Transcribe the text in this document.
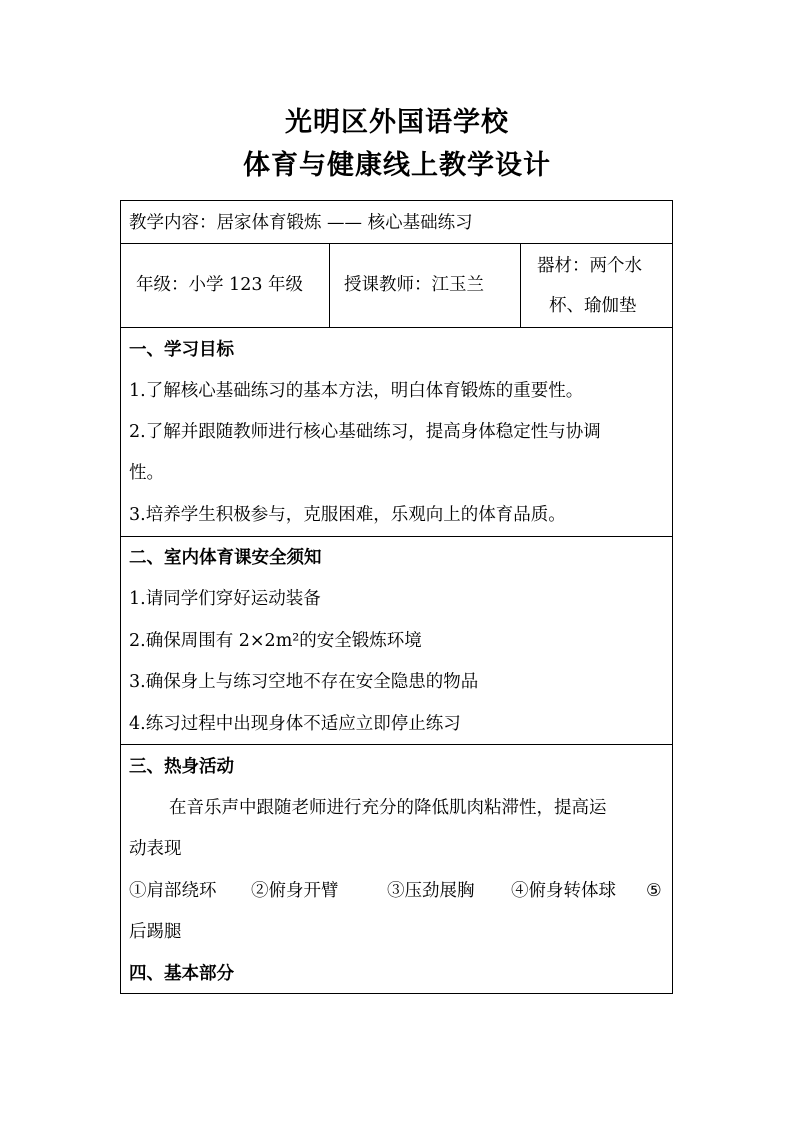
光明区外国语学校
体育与健康线上教学设计
教学内容：居家体育锻炼 —— 核心基础练习
年级：小学 123 年级 授课教师：江玉兰
器材：两个水
杯、瑜伽垫
一、学习目标
1.了解核心基础练习的基本方法，明白体育锻炼的重要性。
2.了解并跟随教师进行核心基础练习，提高身体稳定性与协调
性。
3.培养学生积极参与，克服困难，乐观向上的体育品质。
二、室内体育课安全须知
1.请同学们穿好运动装备
2.确保周围有 2×2m²的安全锻炼环境
3.确保身上与练习空地不存在安全隐患的物品
4.练习过程中出现身体不适应立即停止练习
三、热身活动
在音乐声中跟随老师进行充分的降低肌肉粘滞性，提高运
动表现
①肩部绕环 ②俯身开臂	③压劲展胸 ④俯身转体球 ⑤
后踢腿
四、基本部分
